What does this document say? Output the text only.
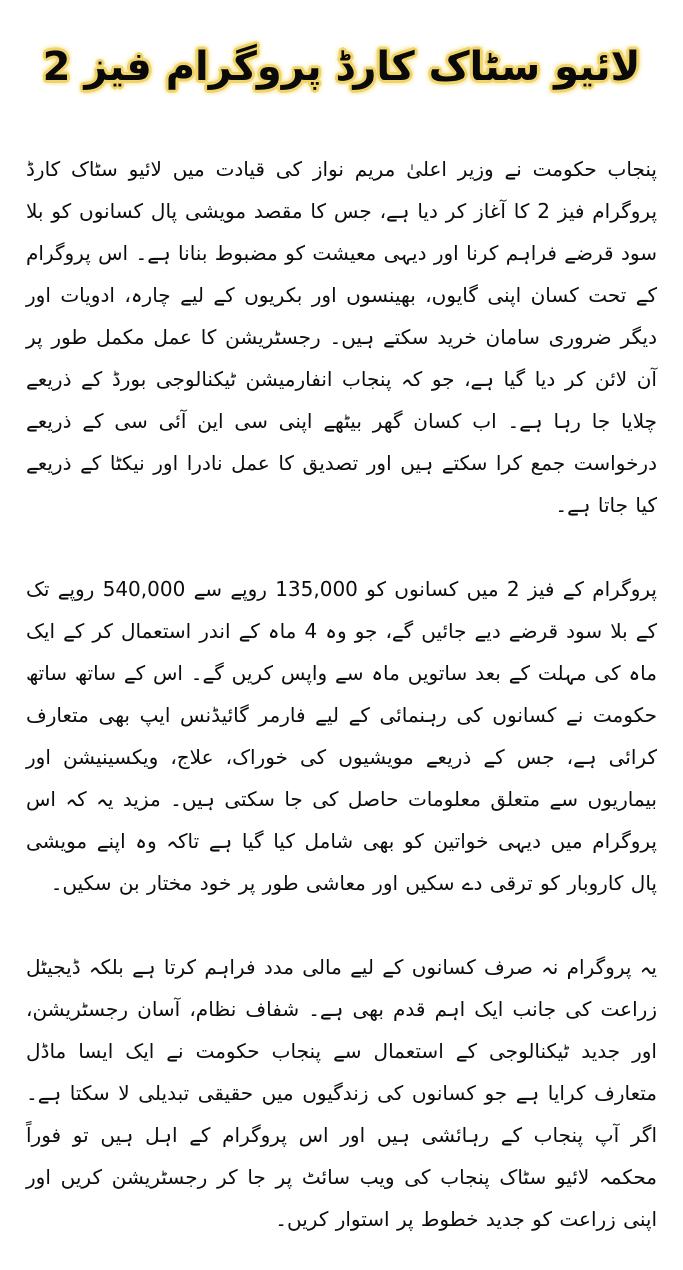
لائیو سٹاک کارڈ پروگرام فیز 2

پنجاب حکومت نے وزیر اعلیٰ مریم نواز کی قیادت میں لائیو سٹاک کارڈ پروگرام فیز 2 کا آغاز کر دیا ہے، جس کا مقصد مویشی پال کسانوں کو بلا سود قرضے فراہم کرنا اور دیہی معیشت کو مضبوط بنانا ہے۔ اس پروگرام کے تحت کسان اپنی گایوں، بھینسوں اور بکریوں کے لیے چارہ، ادویات اور دیگر ضروری سامان خرید سکتے ہیں۔ رجسٹریشن کا عمل مکمل طور پر آن لائن کر دیا گیا ہے، جو کہ پنجاب انفارمیشن ٹیکنالوجی بورڈ کے ذریعے چلایا جا رہا ہے۔ اب کسان گھر بیٹھے اپنی سی این آئی سی کے ذریعے درخواست جمع کرا سکتے ہیں اور تصدیق کا عمل نادرا اور نیکٹا کے ذریعے کیا جاتا ہے۔

پروگرام کے فیز 2 میں کسانوں کو 135,000 روپے سے 540,000 روپے تک کے بلا سود قرضے دیے جائیں گے، جو وہ 4 ماہ کے اندر استعمال کر کے ایک ماہ کی مہلت کے بعد ساتویں ماہ سے واپس کریں گے۔ اس کے ساتھ ساتھ حکومت نے کسانوں کی رہنمائی کے لیے فارمر گائیڈنس ایپ بھی متعارف کرائی ہے، جس کے ذریعے مویشیوں کی خوراک، علاج، ویکسینیشن اور بیماریوں سے متعلق معلومات حاصل کی جا سکتی ہیں۔ مزید یہ کہ اس پروگرام میں دیہی خواتین کو بھی شامل کیا گیا ہے تاکہ وہ اپنے مویشی پال کاروبار کو ترقی دے سکیں اور معاشی طور پر خود مختار بن سکیں۔

یہ پروگرام نہ صرف کسانوں کے لیے مالی مدد فراہم کرتا ہے بلکہ ڈیجیٹل زراعت کی جانب ایک اہم قدم بھی ہے۔ شفاف نظام، آسان رجسٹریشن، اور جدید ٹیکنالوجی کے استعمال سے پنجاب حکومت نے ایک ایسا ماڈل متعارف کرایا ہے جو کسانوں کی زندگیوں میں حقیقی تبدیلی لا سکتا ہے۔ اگر آپ پنجاب کے رہائشی ہیں اور اس پروگرام کے اہل ہیں تو فوراً محکمہ لائیو سٹاک پنجاب کی ویب سائٹ پر جا کر رجسٹریشن کریں اور اپنی زراعت کو جدید خطوط پر استوار کریں۔
